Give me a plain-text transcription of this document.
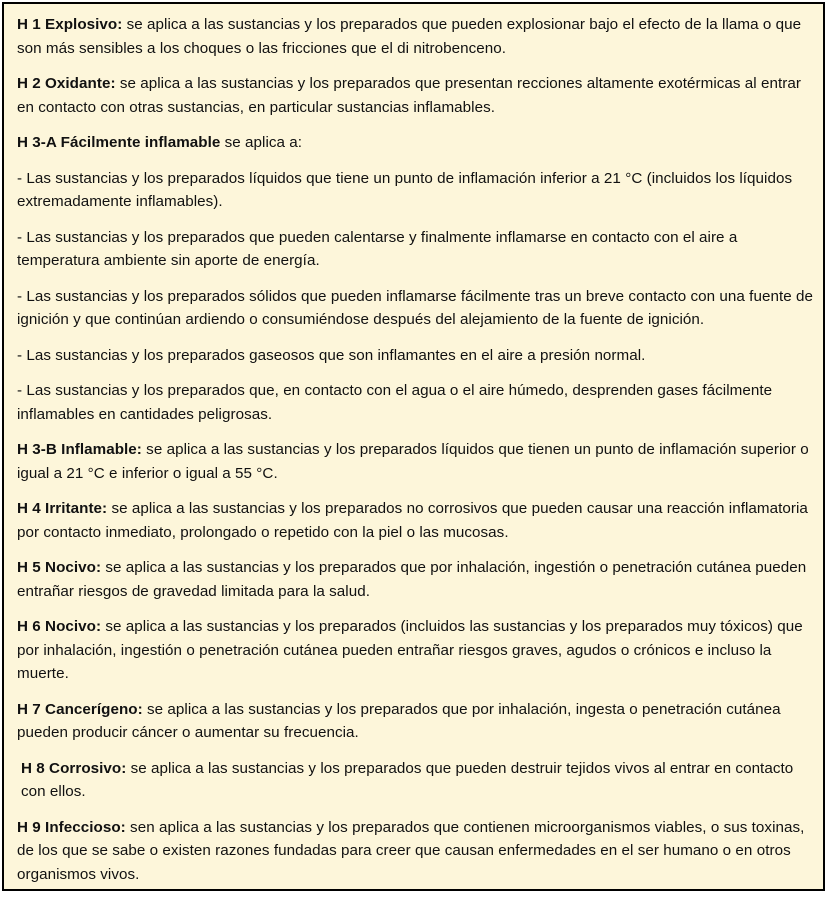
H 1 Explosivo: se aplica a las sustancias y los preparados que pueden explosionar bajo el efecto de la llama o que son más sensibles a los choques o las fricciones que el di nitrobenceno.

H 2 Oxidante: se aplica a las sustancias y los preparados que presentan recciones altamente exotérmicas al entrar en contacto con otras sustancias, en particular sustancias inflamables.

H 3-A Fácilmente inflamable se aplica a:

- Las sustancias y los preparados líquidos que tiene un punto de inflamación inferior a 21 °C (incluidos los líquidos extremadamente inflamables).

- Las sustancias y los preparados que pueden calentarse y finalmente inflamarse en contacto con el aire a temperatura ambiente sin aporte de energía.

- Las sustancias y los preparados sólidos que pueden inflamarse fácilmente tras un breve contacto con una fuente de ignición y que continúan ardiendo o consumiéndose después del alejamiento de la fuente de ignición.

- Las sustancias y los preparados gaseosos que son inflamantes en el aire a presión normal.

- Las sustancias y los preparados que, en contacto con el agua o el aire húmedo, desprenden gases fácilmente inflamables en cantidades peligrosas.

H 3-B Inflamable: se aplica a las sustancias y los preparados líquidos que tienen un punto de inflamación superior o igual a 21 °C e inferior o igual a 55 °C.

H 4 Irritante: se aplica a las sustancias y los preparados no corrosivos que pueden causar una reacción inflamatoria por contacto inmediato, prolongado o repetido con la piel o las mucosas.

H 5 Nocivo: se aplica a las sustancias y los preparados que por inhalación, ingestión o penetración cutánea pueden entrañar riesgos de gravedad limitada para la salud.

H 6 Nocivo: se aplica a las sustancias y los preparados (incluidos las sustancias y los preparados muy tóxicos) que por inhalación, ingestión o penetración cutánea pueden entrañar riesgos graves, agudos o crónicos e incluso la muerte.

H 7 Cancerígeno: se aplica a las sustancias y los preparados que por inhalación, ingesta o penetración cutánea pueden producir cáncer o aumentar su frecuencia.

H 8 Corrosivo: se aplica a las sustancias y los preparados que pueden destruir tejidos vivos al entrar en contacto con ellos.

H 9 Infeccioso: sen aplica a las sustancias y los preparados que contienen microorganismos viables, o sus toxinas, de los que se sabe o existen razones fundadas para creer que causan enfermedades en el ser humano o en otros organismos vivos.
